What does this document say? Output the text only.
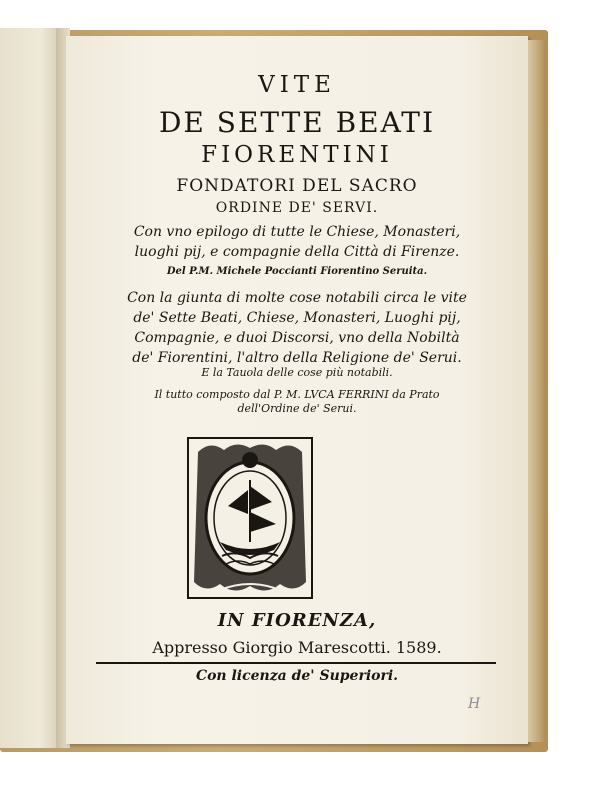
VITE
DE SETTE BEATI
FIORENTINI
FONDATORI DEL SACRO
ORDINE DE' SERVI.
Con vno epilogo di tutte le Chiese, Monasteri,
luoghi pij, e compagnie della Città di Firenze.
Del P.M. Michele Poccianti Fiorentino Seruita.
Con la giunta di molte cose notabili circa le vite
de' Sette Beati, Chiese, Monasteri, Luoghi pij,
Compagnie, e duoi Discorsi, vno della Nobiltà
de' Fiorentini, l'altro della Religione de' Serui.
E la Tauola delle cose più notabili.
Il tutto composto dal P. M. LVCA FERRINI da Prato
dell'Ordine de' Serui.
IN FIORENZA,
Appresso Giorgio Marescotti. 1589.
Con licenza de' Superiori.
H
